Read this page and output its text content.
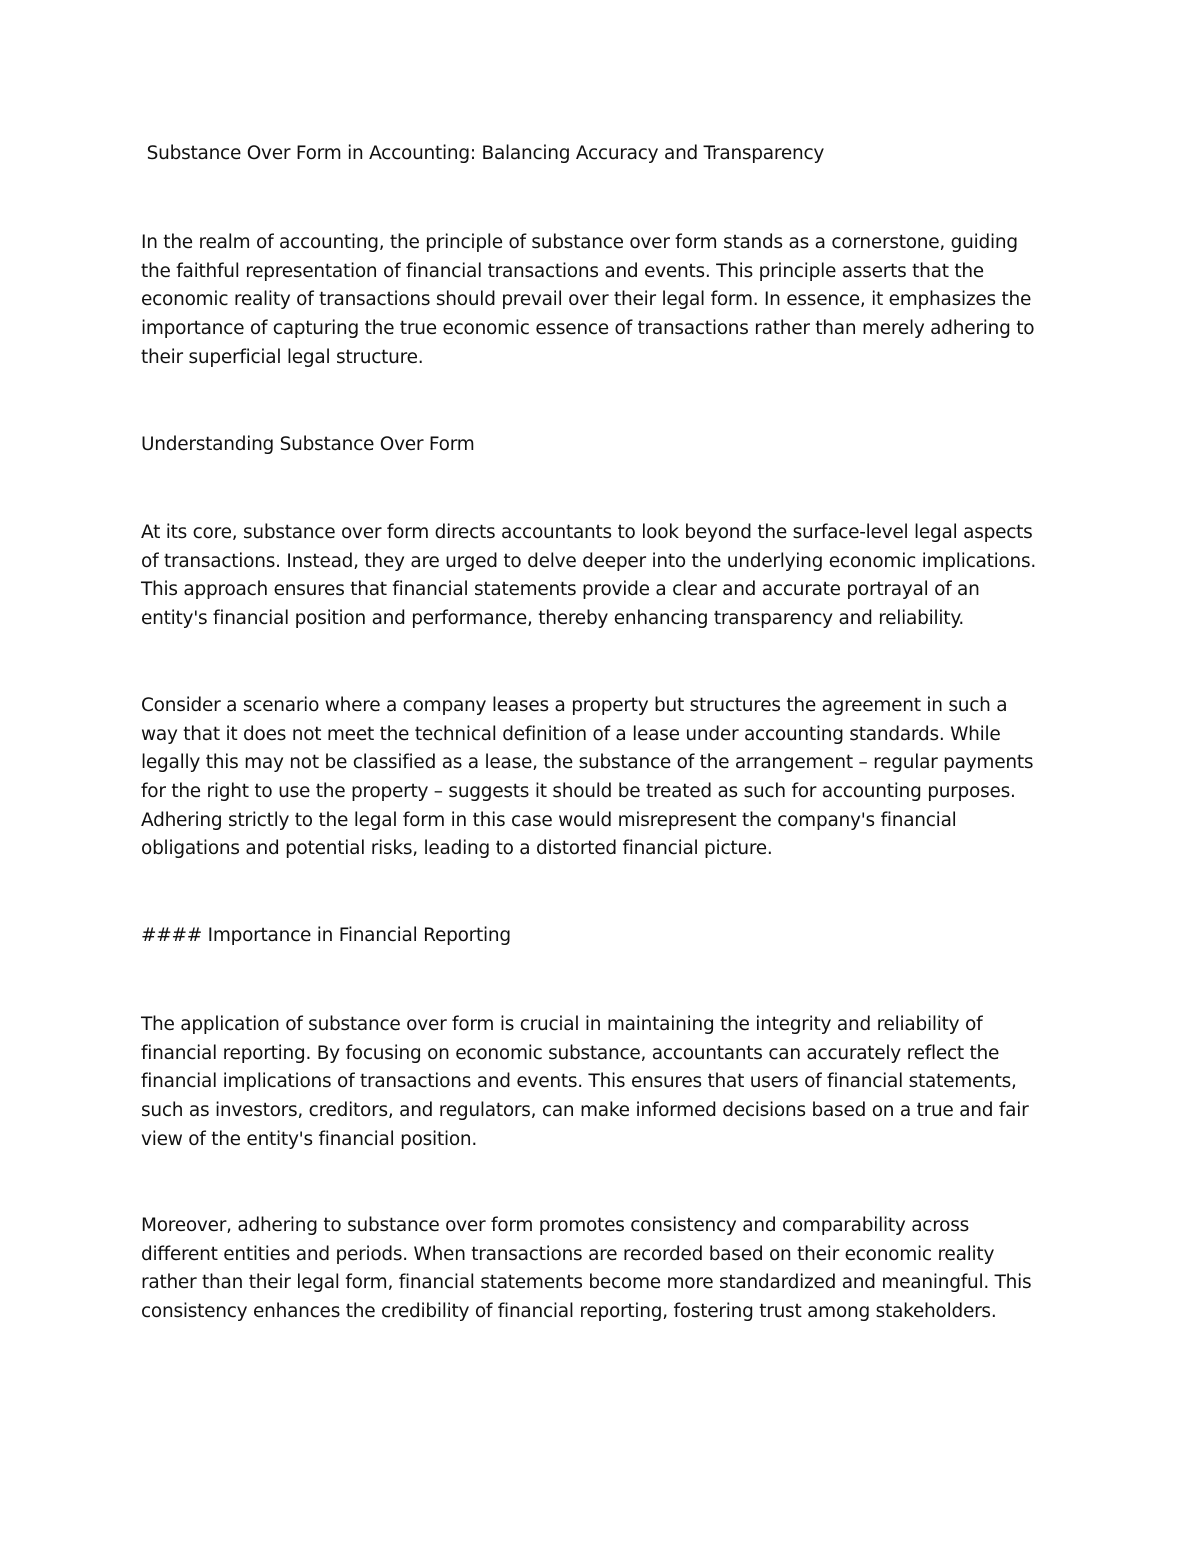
Substance Over Form in Accounting: Balancing Accuracy and Transparency

In the realm of accounting, the principle of substance over form stands as a cornerstone, guiding
the faithful representation of financial transactions and events. This principle asserts that the
economic reality of transactions should prevail over their legal form. In essence, it emphasizes the
importance of capturing the true economic essence of transactions rather than merely adhering to
their superficial legal structure.

Understanding Substance Over Form

At its core, substance over form directs accountants to look beyond the surface-level legal aspects
of transactions. Instead, they are urged to delve deeper into the underlying economic implications.
This approach ensures that financial statements provide a clear and accurate portrayal of an
entity's financial position and performance, thereby enhancing transparency and reliability.

Consider a scenario where a company leases a property but structures the agreement in such a
way that it does not meet the technical definition of a lease under accounting standards. While
legally this may not be classified as a lease, the substance of the arrangement – regular payments
for the right to use the property – suggests it should be treated as such for accounting purposes.
Adhering strictly to the legal form in this case would misrepresent the company's financial
obligations and potential risks, leading to a distorted financial picture.

#### Importance in Financial Reporting

The application of substance over form is crucial in maintaining the integrity and reliability of
financial reporting. By focusing on economic substance, accountants can accurately reflect the
financial implications of transactions and events. This ensures that users of financial statements,
such as investors, creditors, and regulators, can make informed decisions based on a true and fair
view of the entity's financial position.

Moreover, adhering to substance over form promotes consistency and comparability across
different entities and periods. When transactions are recorded based on their economic reality
rather than their legal form, financial statements become more standardized and meaningful. This
consistency enhances the credibility of financial reporting, fostering trust among stakeholders.
